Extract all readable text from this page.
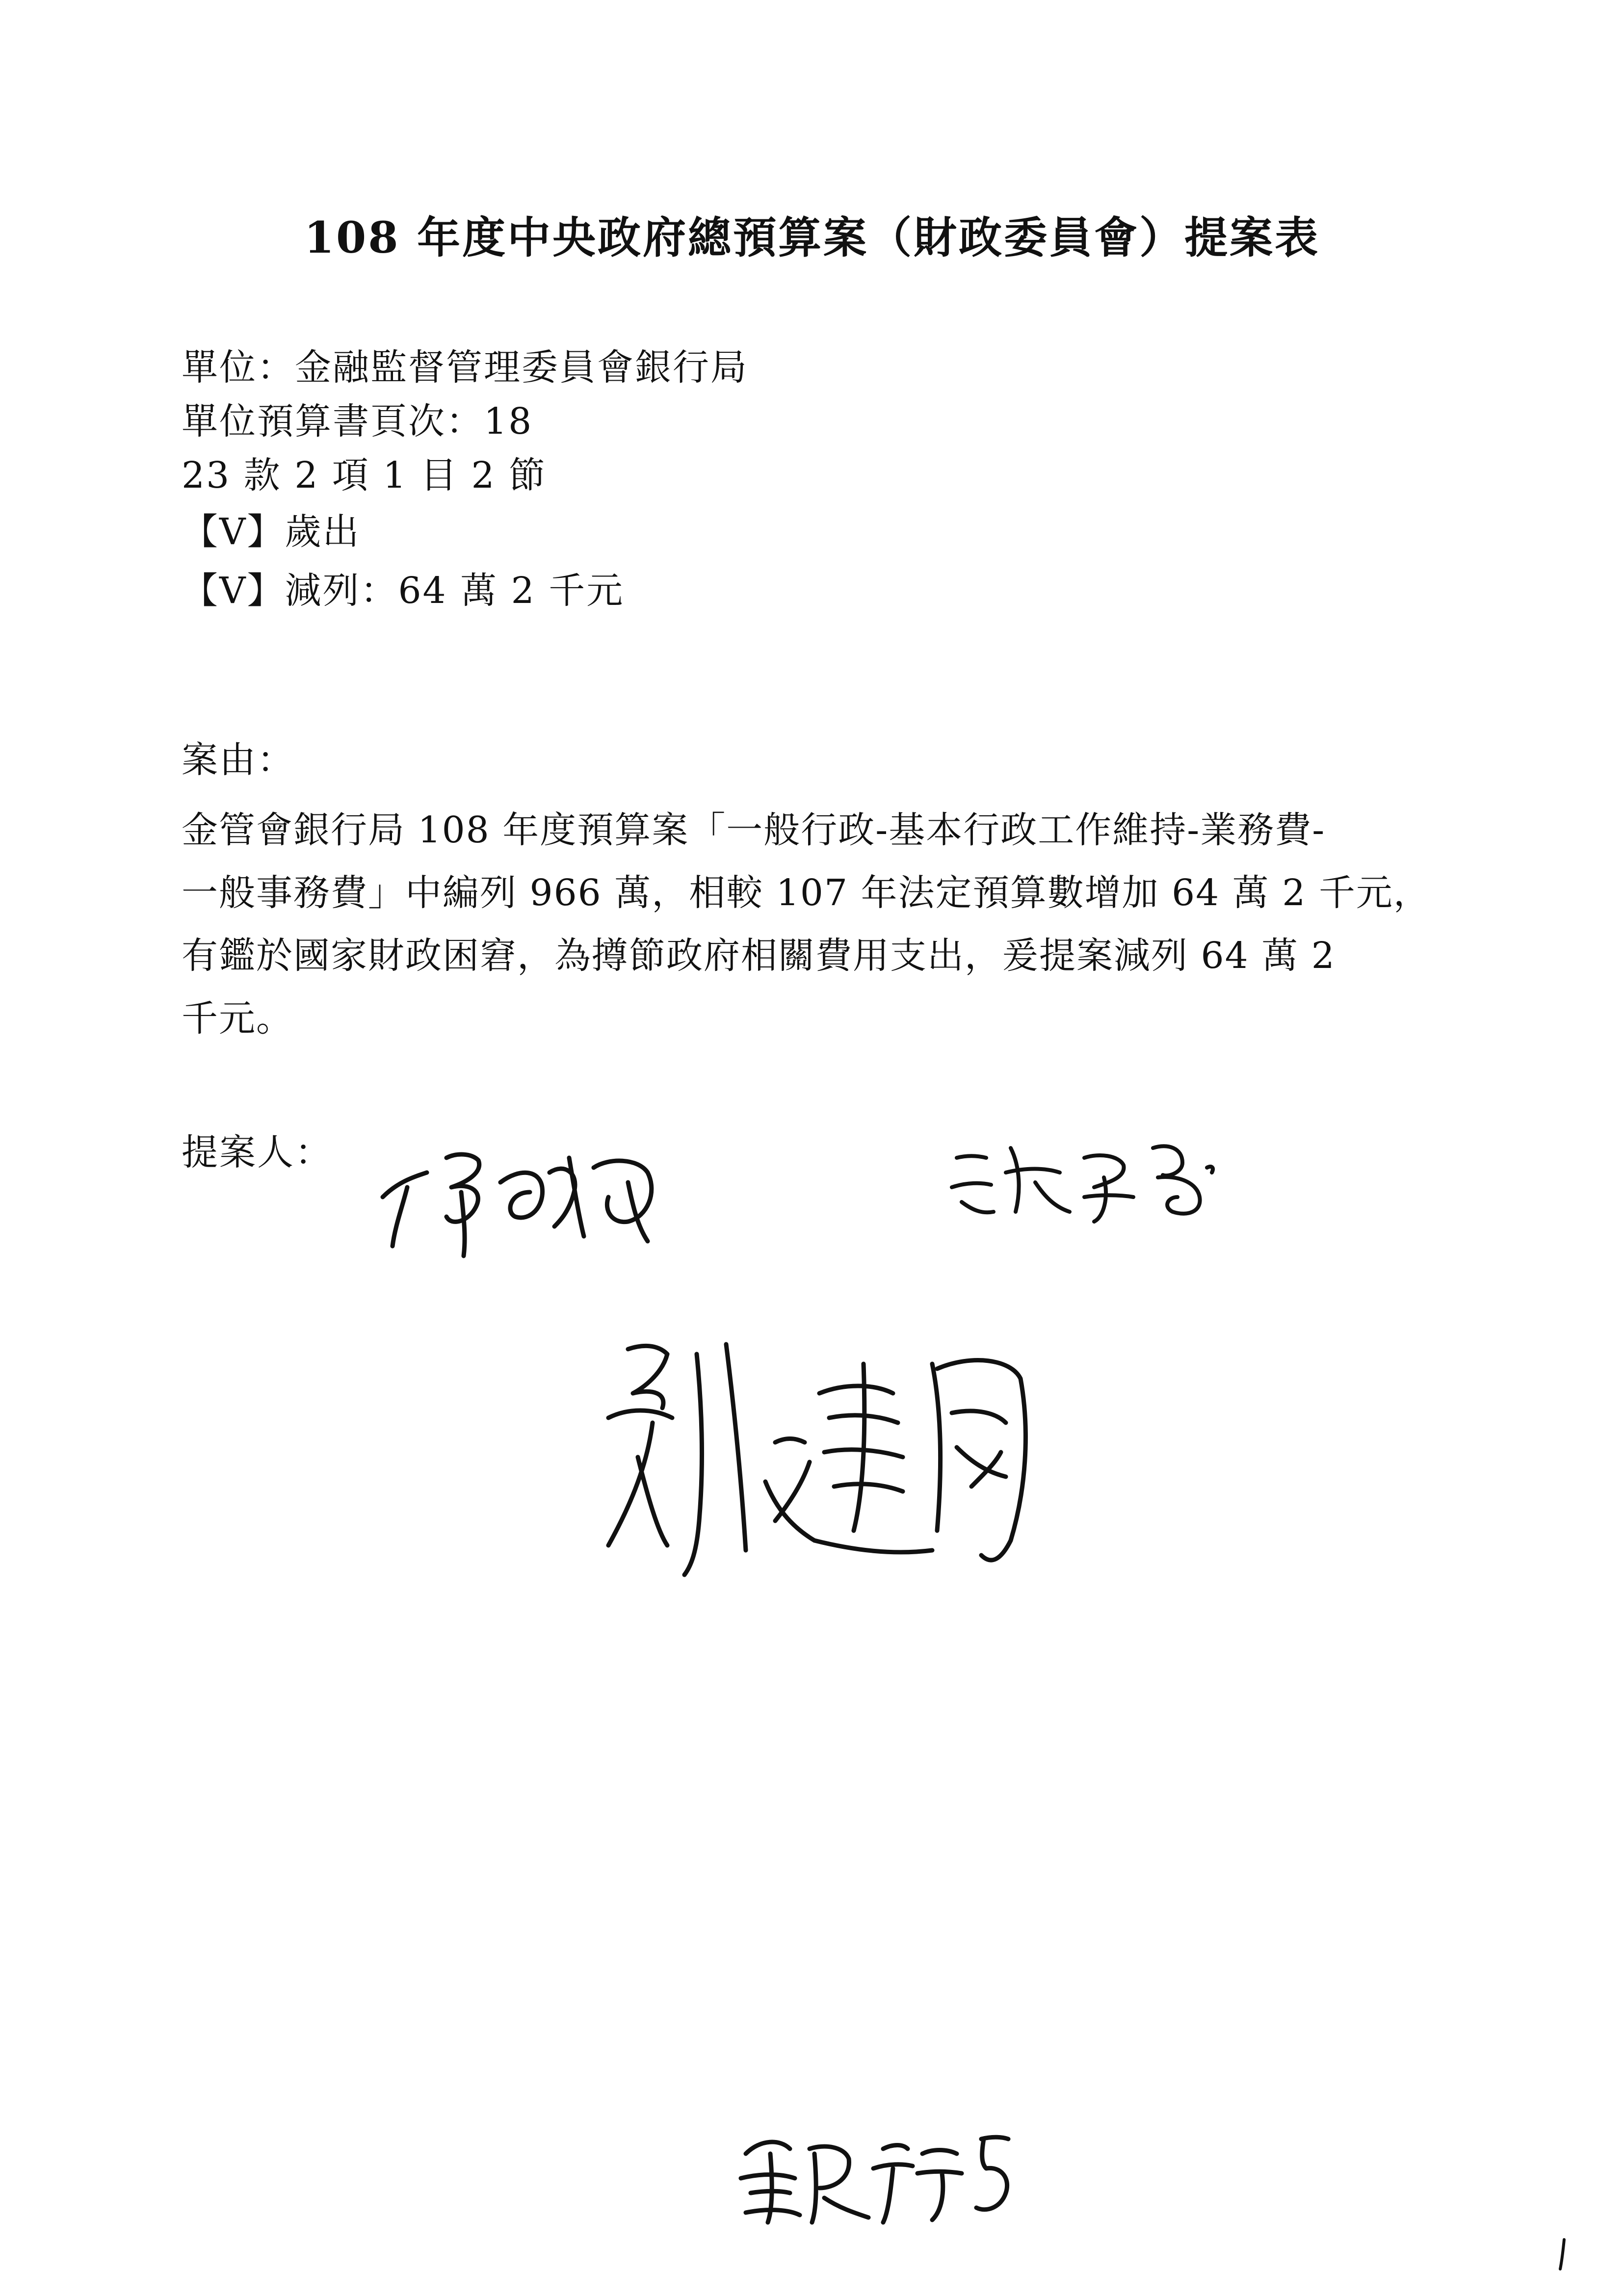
108 年度中央政府總預算案（財政委員會）提案表
單位：金融監督管理委員會銀行局
單位預算書頁次：18
23 款 2 項 1 目 2 節
【V】歲出
【V】減列：64 萬 2 千元
案由：
金管會銀行局 108 年度預算案「一般行政-基本行政工作維持-業務費-
一般事務費」中編列 966 萬，相較 107 年法定預算數增加 64 萬 2 千元，
有鑑於國家財政困窘，為撙節政府相關費用支出，爰提案減列 64 萬 2
千元。
提案人：
